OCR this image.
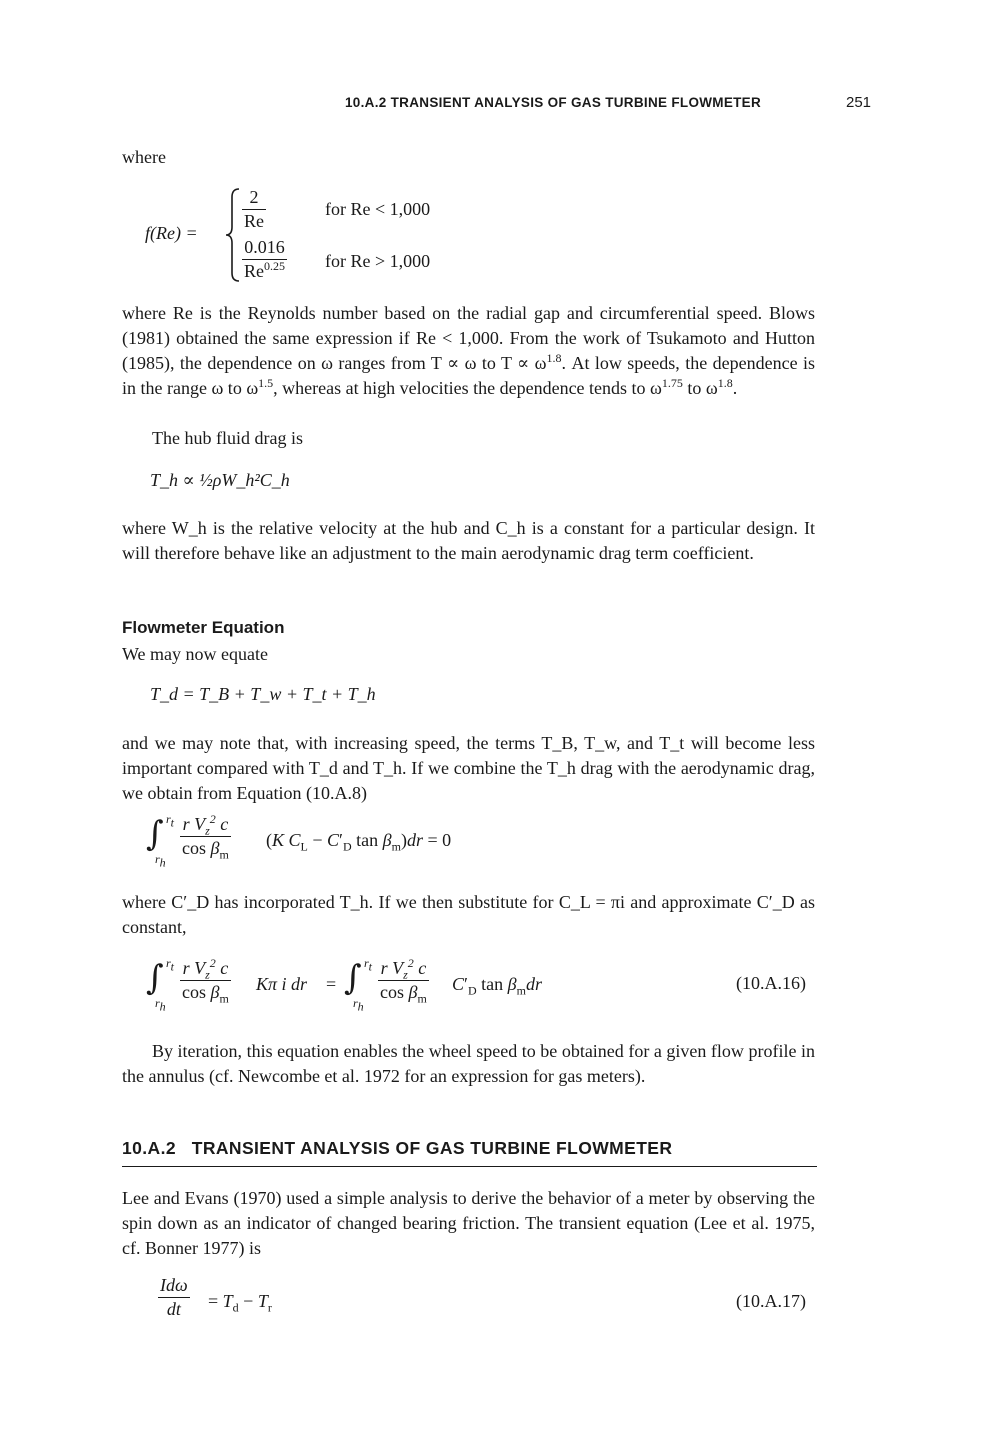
10.A.2 TRANSIENT ANALYSIS OF GAS TURBINE FLOWMETER	251
where
f(Re) =
$\frac{2}{Re}$	for Re < 1,000
$\frac{0.016}{Re^{0.25}}$ for Re > 1,000
where Re is the Reynolds number based on the radial gap and circumferential speed. Blows (1981) obtained the same expression if Re < 1,000. From the work of Tsukamoto and Hutton (1985), the dependence on ω ranges from T ∝ ω to $T \propto \omega^{1.8}$. At low speeds, the dependence is in the range ω to $\omega^{1.5}$, whereas at high velocities the dependence tends to $\omega^{1.75}$ to $\omega^{1.8}$.
The hub fluid drag is
T_h ∝ ½ρW_h²C_h
where W_h is the relative velocity at the hub and C_h is a constant for a particular design. It will therefore behave like an adjustment to the main aerodynamic drag term coefficient.
Flowmeter Equation
We may now equate
T_d = T_B + T_w + T_t + T_h
and we may note that, with increasing speed, the terms T_B, T_w, and T_t will become less important compared with T_d and T_h. If we combine the T_h drag with the aerodynamic drag, we obtain from Equation (10.A.8)
∫ $r_t$
$r_h$
$\frac{r V_z^2 c}{\cos \beta_m} (K$ $C_L - C'_D$ $\tan \beta_m)dr = 0$
where C′_D has incorporated T_h. If we then substitute for C_L = πi and approximate C′_D as constant,
∫ $r_t$
$r_h$
$\frac{r V_z^2 c}{\cos \beta_m}$ Kπ i dr = ∫ $r_t$
$r_h$
$\frac{r V_z^2 c}{\cos \beta_m} C'_D$ $\tan \beta_mdr$	(10.A.16)
By iteration, this equation enables the wheel speed to be obtained for a given flow profile in the annulus (cf. Newcombe et al. 1972 for an expression for gas meters).
10.A.2 TRANSIENT ANALYSIS OF GAS TURBINE FLOWMETER
Lee and Evans (1970) used a simple analysis to derive the behavior of a meter by observing the spin down as an indicator of changed bearing friction. The transient equation (Lee et al. 1975, cf. Bonner 1977) is
Idω
dt	= $T_d - T_r$	(10.A.17)
